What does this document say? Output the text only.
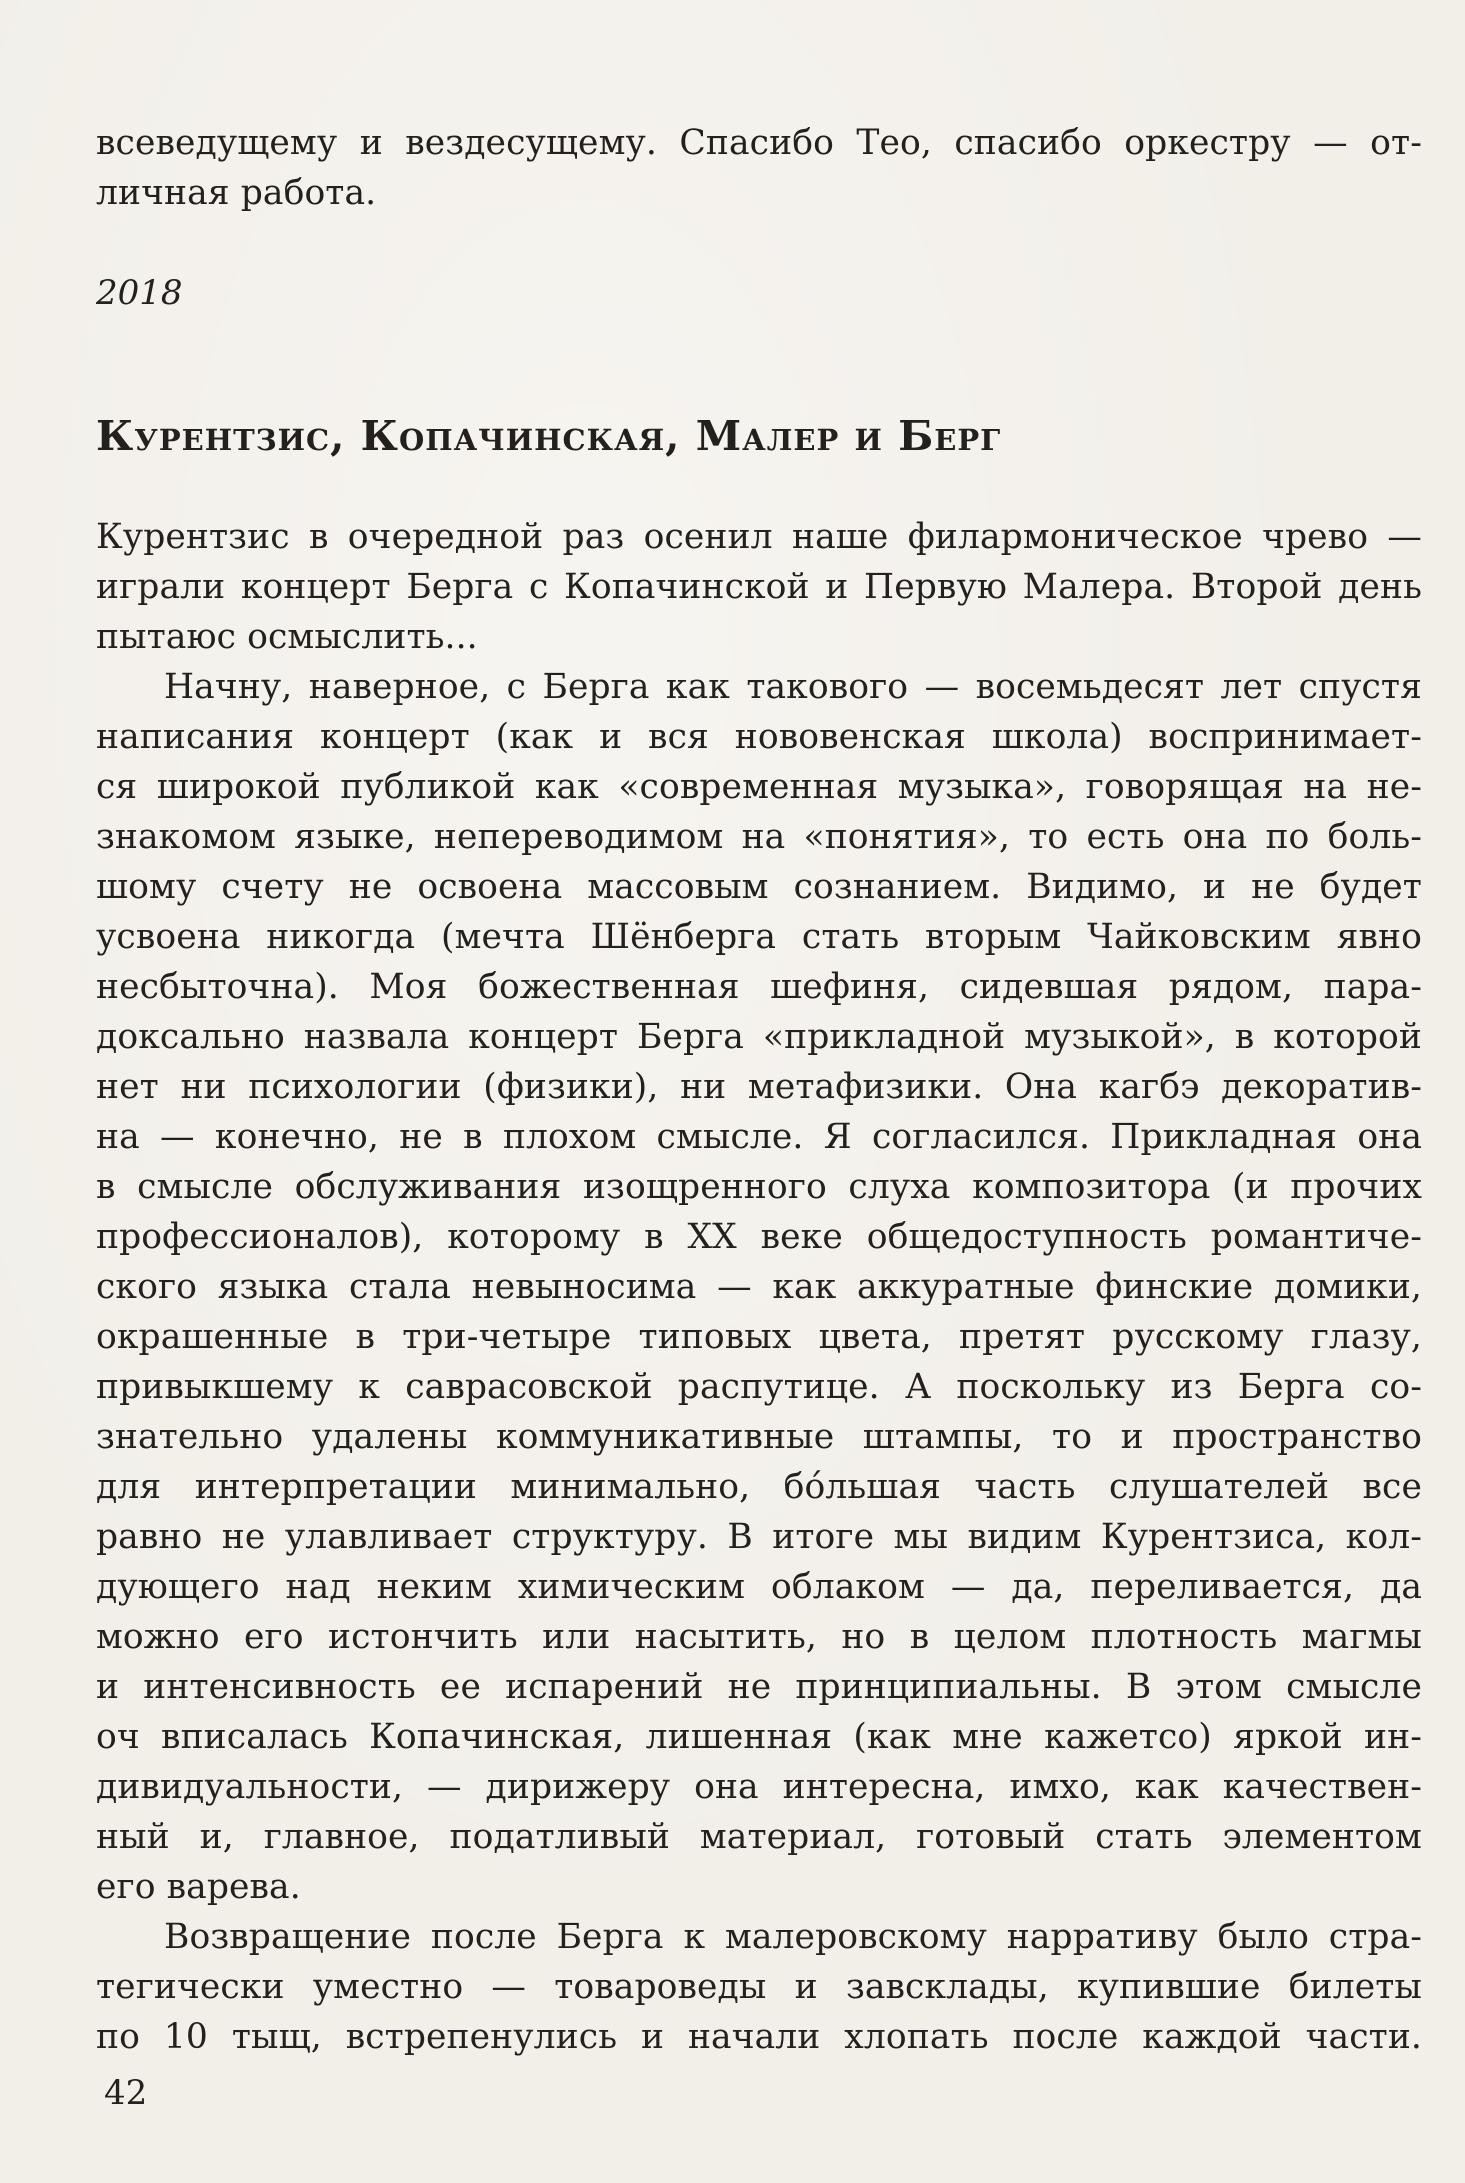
всеведущему и вездесущему. Спасибо Тео, спасибо оркестру — от-
личная работа.
2018
Курентзис, Копачинская, Малер и Берг
Курентзис в очередной раз осенил наше филармоническое чрево —
играли концерт Берга с Копачинской и Первую Малера. Второй день
пытаюс осмыслить...
Начну, наверное, с Берга как такового — восемьдесят лет спустя
написания концерт (как и вся нововенская школа) воспринимает-
ся широкой публикой как «современная музыка», говорящая на не-
знакомом языке, непереводимом на «понятия», то есть она по боль-
шому счету не освоена массовым сознанием. Видимо, и не будет
усвоена никогда (мечта Шёнберга стать вторым Чайковским явно
несбыточна). Моя божественная шефиня, сидевшая рядом, пара-
доксально назвала концерт Берга «прикладной музыкой», в которой
нет ни психологии (физики), ни метафизики. Она кагбэ декоратив-
на — конечно, не в плохом смысле. Я согласился. Прикладная она
в смысле обслуживания изощренного слуха композитора (и прочих
профессионалов), которому в XX веке общедоступность романтиче-
ского языка стала невыносима — как аккуратные финские домики,
окрашенные в три-четыре типовых цвета, претят русскому глазу,
привыкшему к саврасовской распутице. А поскольку из Берга со-
знательно удалены коммуникативные штампы, то и пространство
для интерпретации минимально, бóльшая часть слушателей все
равно не улавливает структуру. В итоге мы видим Курентзиса, кол-
дующего над неким химическим облаком — да, переливается, да
можно его истончить или насытить, но в целом плотность магмы
и интенсивность ее испарений не принципиальны. В этом смысле
оч вписалась Копачинская, лишенная (как мне кажетсо) яркой ин-
дивидуальности, — дирижеру она интересна, имхо, как качествен-
ный и, главное, податливый материал, готовый стать элементом
его варева.
Возвращение после Берга к малеровскому нарративу было стра-
тегически уместно — товароведы и завсклады, купившие билеты
по 10 тыщ, встрепенулись и начали хлопать после каждой части.
42
